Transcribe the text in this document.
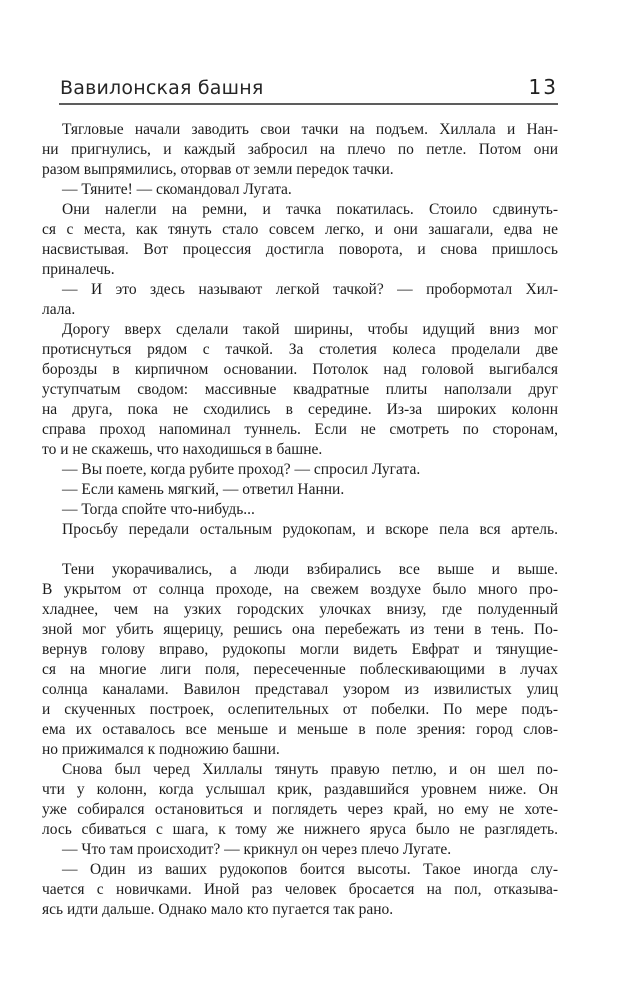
Вавилонская башня	13
Тягловые начали заводить свои тачки на подъем. Хиллала и Нан-
ни пригнулись, и каждый забросил на плечо по петле. Потом они
разом выпрямились, оторвав от земли передок тачки.
— Тяните! — скомандовал Лугата.
Они налегли на ремни, и тачка покатилась. Стоило сдвинуть-
ся с места, как тянуть стало совсем легко, и они зашагали, едва не
насвистывая. Вот процессия достигла поворота, и снова пришлось
приналечь.
— И это здесь называют легкой тачкой? — пробормотал Хил-
лала.
Дорогу вверх сделали такой ширины, чтобы идущий вниз мог
протиснуться рядом с тачкой. За столетия колеса проделали две
борозды в кирпичном основании. Потолок над головой выгибался
уступчатым сводом: массивные квадратные плиты наползали друг
на друга, пока не сходились в середине. Из-за широких колонн
справа проход напоминал туннель. Если не смотреть по сторонам,
то и не скажешь, что находишься в башне.
— Вы поете, когда рубите проход? — спросил Лугата.
— Если камень мягкий, — ответил Нанни.
— Тогда спойте что-нибудь...
Просьбу передали остальным рудокопам, и вскоре пела вся артель.
Тени укорачивались, а люди взбирались все выше и выше.
В укрытом от солнца проходе, на свежем воздухе было много про-
хладнее, чем на узких городских улочках внизу, где полуденный
зной мог убить ящерицу, решись она перебежать из тени в тень. По-
вернув голову вправо, рудокопы могли видеть Евфрат и тянущие-
ся на многие лиги поля, пересеченные поблескивающими в лучах
солнца каналами. Вавилон представал узором из извилистых улиц
и скученных построек, ослепительных от побелки. По мере подъ-
ема их оставалось все меньше и меньше в поле зрения: город слов-
но прижимался к подножию башни.
Снова был черед Хиллалы тянуть правую петлю, и он шел по-
чти у колонн, когда услышал крик, раздавшийся уровнем ниже. Он
уже собирался остановиться и поглядеть через край, но ему не хоте-
лось сбиваться с шага, к тому же нижнего яруса было не разглядеть.
— Что там происходит? — крикнул он через плечо Лугате.
— Один из ваших рудокопов боится высоты. Такое иногда слу-
чается с новичками. Иной раз человек бросается на пол, отказыва-
ясь идти дальше. Однако мало кто пугается так рано.
